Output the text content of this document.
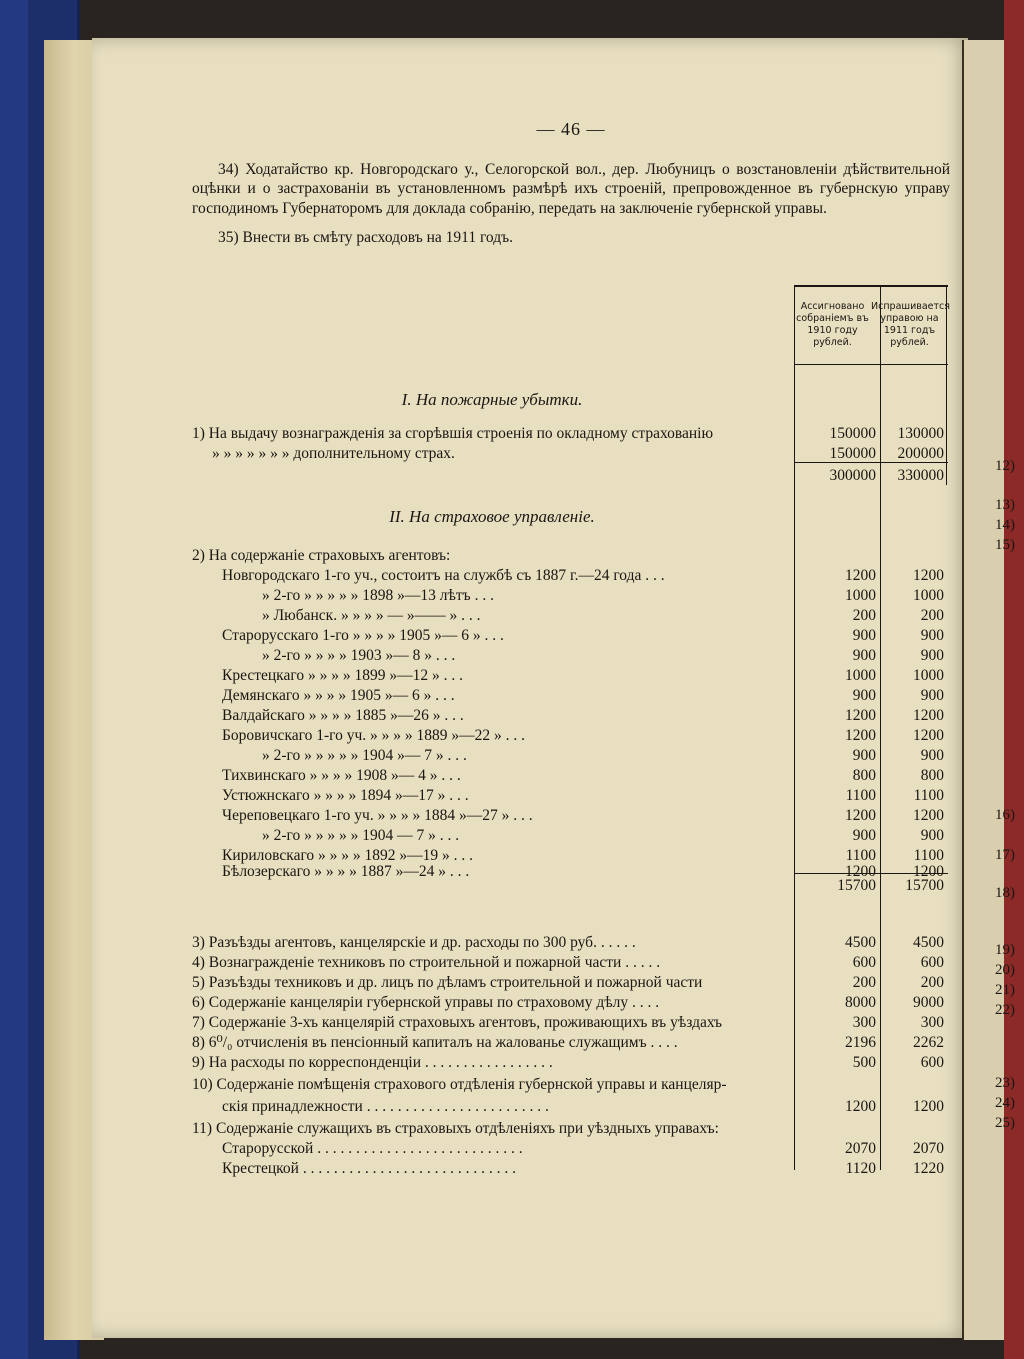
12)
13)
14)
15)
16)
17)
18)
19)
20)
21)
22)
23)
24)
25)
— 46 —

34) Ходатайство кр. Новгородскаго у., Селогорской вол., дер. Любуницъ о возстановленіи дѣйствительной оцѣнки и о застрахованіи въ установленномъ размѣрѣ ихъ строеній, препровожденное въ губернскую управу господиномъ Губернаторомъ для доклада собранію, передать на заключеніе губернской управы.

35) Внести въ смѣту расходовъ на 1911 годъ.

Ассигновано собраніемъ въ 1910 году рублей.
Испрашивается управою на 1911 годъ рублей.
I. На пожарные убытки.
II. На страховое управленіе.
1) На выдачу вознагражденія за сгорѣвшія строенія по окладному страхованію	150000	130000
» » » » » » » дополнительному страх.	150000	200000
300000	330000
2) На содержаніе страховыхъ агентовъ:
Новгородскаго 1-го уч., состоитъ на службѣ съ 1887 г.—24 года . . .	1200	1200
» 2-го » » » » » 1898 »—13 лѣтъ . . .	1000	1000
» Любанск. » » » » — »—— » . . .	200	200
Старорусскаго 1-го » » » » 1905 »— 6 » . . .	900	900
» 2-го » » » » 1903 »— 8 » . . .	900	900
Крестецкаго » » » » 1899 »—12 » . . .	1000	1000
Демянскаго » » » » 1905 »— 6 » . . .	900	900
Валдайскаго » » » » 1885 »—26 » . . .	1200	1200
Боровичскаго 1-го уч. » » » » 1889 »—22 » . . .	1200	1200
» 2-го » » » » » 1904 »— 7 » . . .	900	900
Тихвинскаго » » » » 1908 »— 4 » . . .	800	800
Устюжнскаго » » » » 1894 »—17 » . . .	1100	1100
Череповецкаго 1-го уч. » » » » 1884 »—27 » . . .	1200	1200
» 2-го » » » » » 1904 — 7 » . . .	900	900
Кириловскаго » » » » 1892 »—19 » . . .	1100	1100
Бѣлозерскаго » » » » 1887 »—24 » . . .	1200	1200
15700	15700
3) Разъѣзды агентовъ, канцелярскіе и др. расходы по 300 руб. . . . . .	4500	4500
4) Вознагражденіе техниковъ по строительной и пожарной части . . . . .	600	600
5) Разъѣзды техниковъ и др. лицъ по дѣламъ строительной и пожарной части	200	200
6) Содержаніе канцеляріи губернской управы по страховому дѣлу . . . .	8000	9000
7) Содержаніе 3-хъ канцелярій страховыхъ агентовъ, проживающихъ въ уѣздахъ	300	300
8) 6⁰/₀ отчисленія въ пенсіонный капиталъ на жалованье служащимъ . . . .	2196	2262
9) На расходы по корреспонденціи . . . . . . . . . . . . . . . . .	500	600
10) Содержаніе помѣщенія страхового отдѣленія губернской управы и канцеляр-
скія принадлежности . . . . . . . . . . . . . . . . . . . . . . . .	1200	1200
11) Содержаніе служащихъ въ страховыхъ отдѣленіяхъ при уѣздныхъ управахъ:
Старорусской . . . . . . . . . . . . . . . . . . . . . . . . . . .	2070	2070
Крестецкой . . . . . . . . . . . . . . . . . . . . . . . . . . . .	1120	1220
